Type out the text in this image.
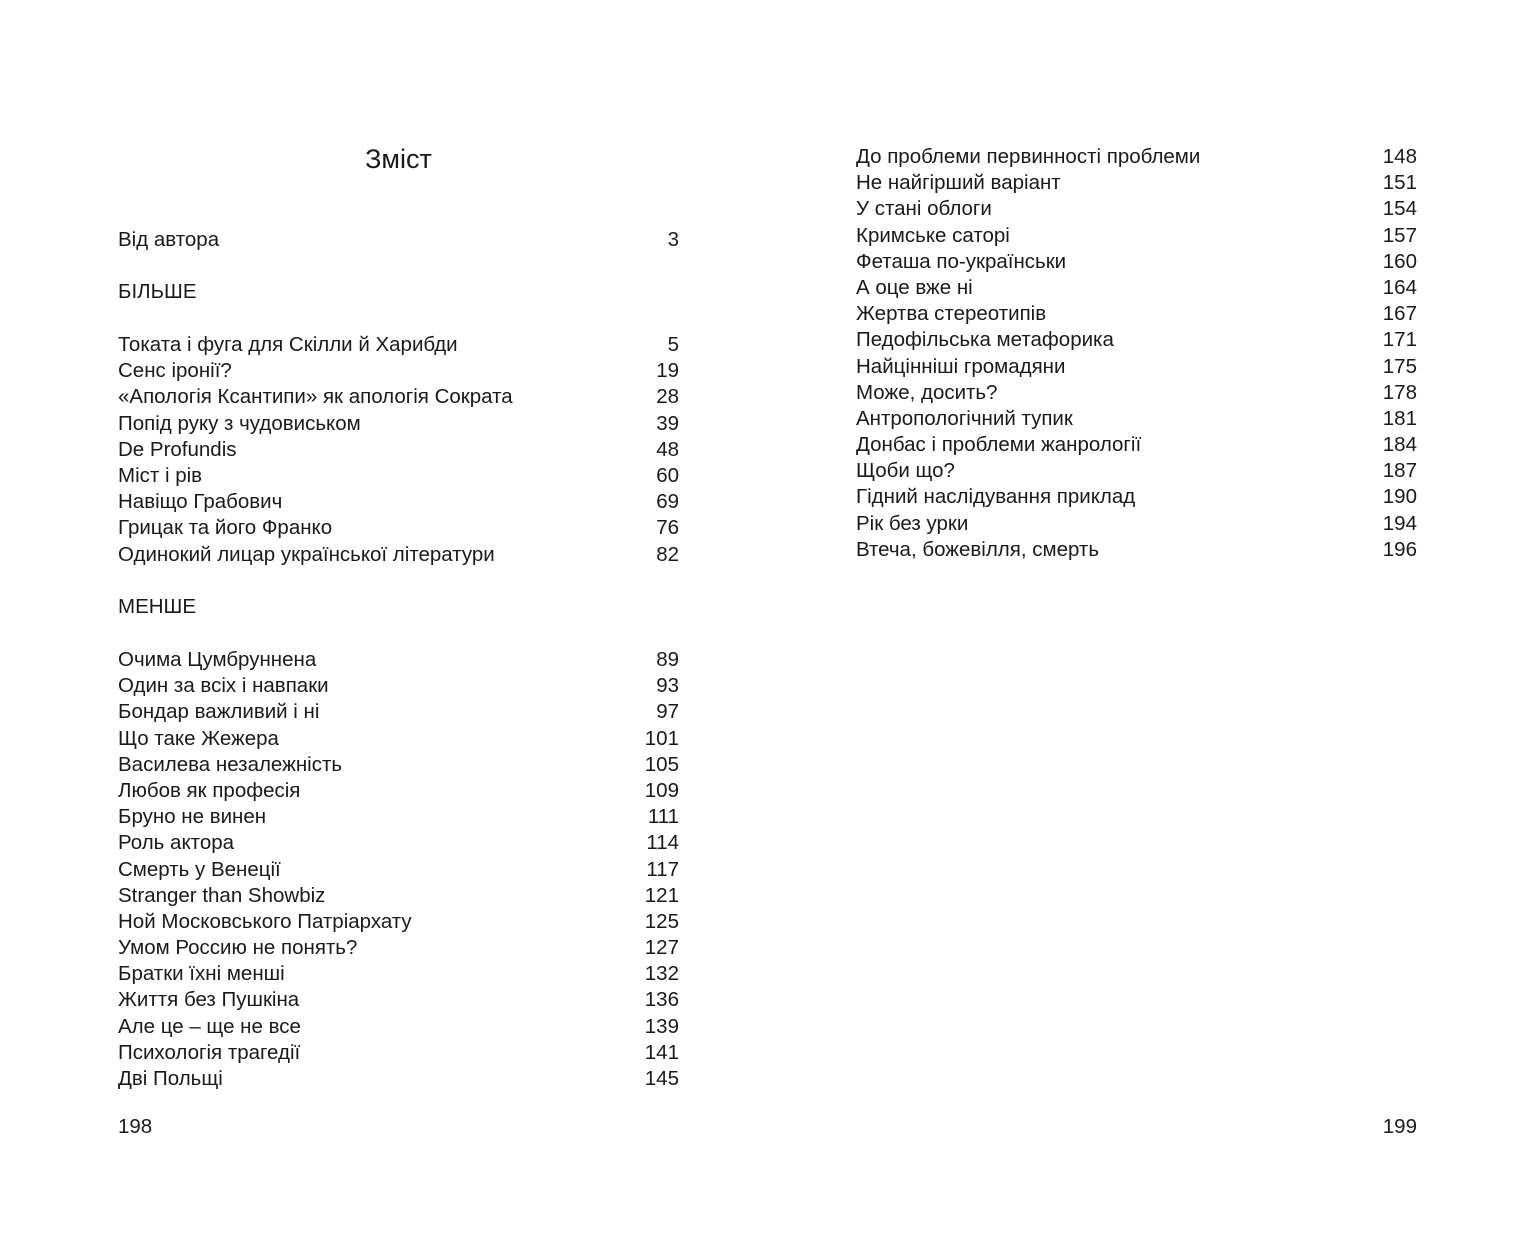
Зміст
Від автора	3
БІЛЬШЕ
Токата і фуга для Скілли й Харибди	5
Сенс іронії?	19
«Апологія Ксантипи» як апологія Сократа	28
Попід руку з чудовиськом	39
De Profundis	48
Міст і рів	60
Навіщо Грабович	69
Грицак та його Франко	76
Одинокий лицар української літератури	82
МЕНШЕ
Очима Цумбруннена	89
Один за всіх і навпаки	93
Бондар важливий і ні	97
Що таке Жежера	101
Василева незалежність	105
Любов як професія	109
Бруно не винен	111
Роль актора	114
Смерть у Венеції	117
Stranger than Showbiz	121
Ной Московського Патріархату	125
Умом Россию не понять?	127
Братки їхні менші	132
Життя без Пушкіна	136
Але це – ще не все	139
Психологія трагедії	141
Дві Польщі	145
198
До проблеми первинності проблеми	148
Не найгірший варіант	151
У стані облоги	154
Кримське саторі	157
Феташа по-українськи	160
А оце вже ні	164
Жертва стереотипів	167
Педофільська метафорика	171
Найцінніші громадяни	175
Може, досить?	178
Антропологічний тупик	181
Донбас і проблеми жанрології	184
Щоби що?	187
Гідний наслідування приклад	190
Рік без урки	194
Втеча, божевілля, смерть	196
199
